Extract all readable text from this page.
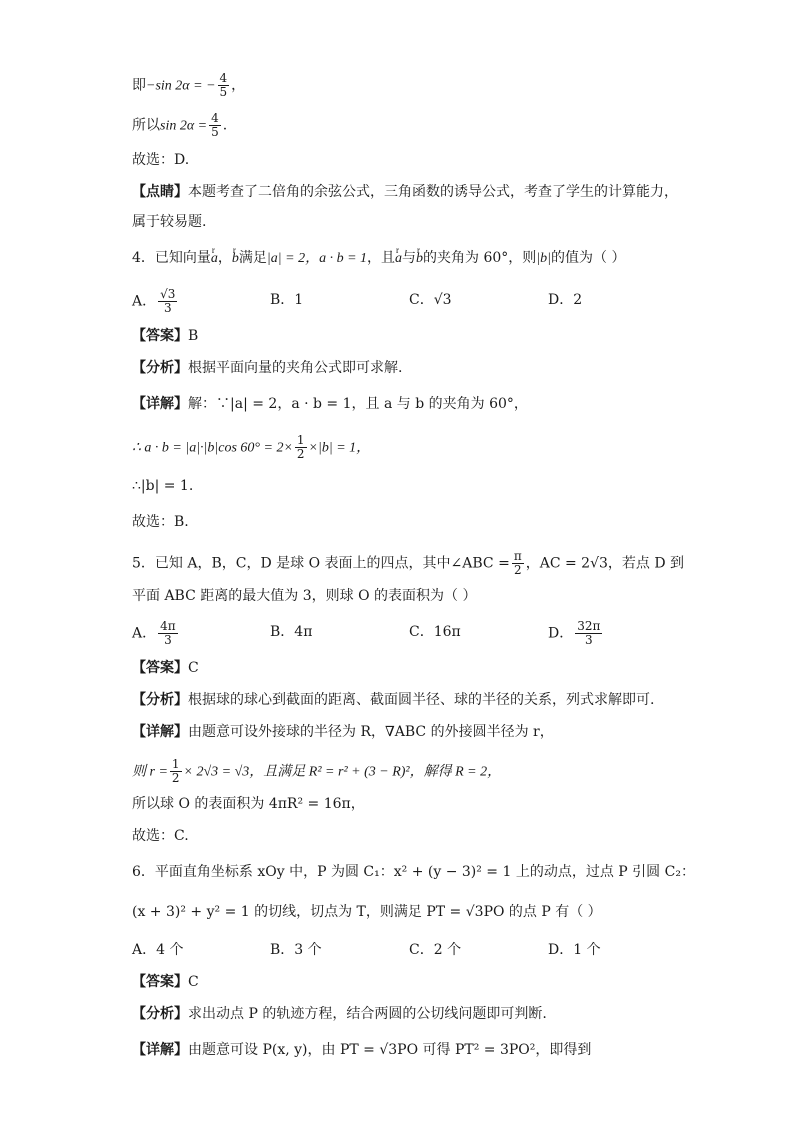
即−sin 2α = − $\frac{4}{5}$ ，
所以$\sin 2\alpha = \frac{4}{5}$ .
故选：D.
【点睛】本题考查了二倍角的余弦公式，三角函数的诱导公式，考查了学生的计算能力，
属于较易题.
4．已知向量r a，r b满足|a| = 2，a · b = 1，且r a与r b的夹角为 60°，则|b|的值为（ ）
A． $\frac{√3}{3}$	B．1	C．√3	D．2
【答案】B
【分析】根据平面向量的夹角公式即可求解.
【详解】解：∵|a| = 2，a · b = 1，且 a 与 b 的夹角为 60°，
∴ a · b = |a|·|b|cos $60^\circ = 2\times \frac{1}{2} \times|b| = 1$，
∴|b| = 1.
故选：B.
5．已知 A，B，C，D 是球 O 表面上的四点，其中∠ABC = $\frac{\pi}{2}$ ，AC = 2√3，若点 D 到
平面 ABC 距离的最大值为 3，则球 O 的表面积为（ ）
A． $\frac{4\pi}{3}$	B．4π	C．16π	D． $\frac{32\pi}{3}$
【答案】C
【分析】根据球的球心到截面的距离、截面圆半径、球的半径的关系，列式求解即可.
【详解】由题意可设外接球的半径为 R，∇ABC 的外接圆半径为 r，
则 $r = \frac{1}{2} \times 2√3 = √3$，且满足 R² = r² + (3 − R)²，解得 R = 2，
所以球 O 的表面积为 4πR² = 16π，
故选：C.
6．平面直角坐标系 xOy 中，P 为圆 C₁：x² + (y − 3)² = 1 上的动点，过点 P 引圆 C₂：
(x + 3)² + y² = 1 的切线，切点为 T，则满足 PT = √3PO 的点 P 有（ ）
A．4 个	B．3 个	C．2 个	D．1 个
【答案】C
【分析】求出动点 P 的轨迹方程，结合两圆的公切线问题即可判断.
【详解】由题意可设 P(x, y)，由 PT = √3PO 可得 PT² = 3PO²，即得到
